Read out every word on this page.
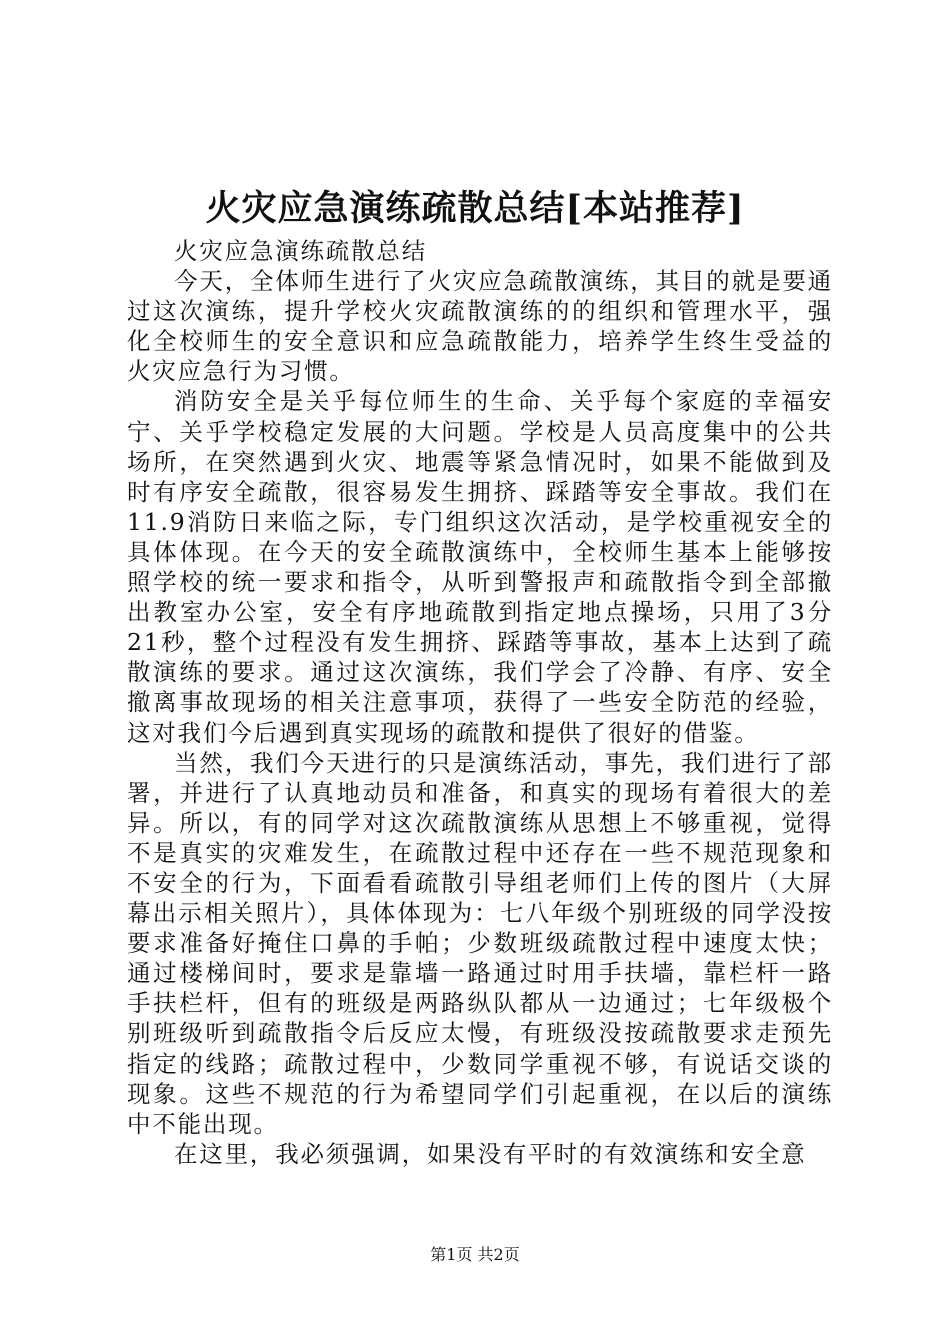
火灾应急演练疏散总结[本站推荐]

火灾应急演练疏散总结

今天，全体师生进行了火灾应急疏散演练，其目的就是要通过这次演练，提升学校火灾疏散演练的的组织和管理水平，强化全校师生的安全意识和应急疏散能力，培养学生终生受益的火灾应急行为习惯。

消防安全是关乎每位师生的生命、关乎每个家庭的幸福安宁、关乎学校稳定发展的大问题。学校是人员高度集中的公共场所，在突然遇到火灾、地震等紧急情况时，如果不能做到及时有序安全疏散，很容易发生拥挤、踩踏等安全事故。我们在11.9消防日来临之际，专门组织这次活动，是学校重视安全的具体体现。在今天的安全疏散演练中，全校师生基本上能够按照学校的统一要求和指令，从听到警报声和疏散指令到全部撤出教室办公室，安全有序地疏散到指定地点操场，只用了3分21秒，整个过程没有发生拥挤、踩踏等事故，基本上达到了疏散演练的要求。通过这次演练，我们学会了冷静、有序、安全撤离事故现场的相关注意事项，获得了一些安全防范的经验，这对我们今后遇到真实现场的疏散和提供了很好的借鉴。

当然，我们今天进行的只是演练活动，事先，我们进行了部署，并进行了认真地动员和准备，和真实的现场有着很大的差异。所以，有的同学对这次疏散演练从思想上不够重视，觉得不是真实的灾难发生，在疏散过程中还存在一些不规范现象和不安全的行为，下面看看疏散引导组老师们上传的图片（大屏幕出示相关照片），具体体现为：七八年级个别班级的同学没按要求准备好掩住口鼻的手帕；少数班级疏散过程中速度太快；通过楼梯间时，要求是靠墙一路通过时用手扶墙，靠栏杆一路手扶栏杆，但有的班级是两路纵队都从一边通过；七年级极个别班级听到疏散指令后反应太慢，有班级没按疏散要求走预先指定的线路；疏散过程中，少数同学重视不够，有说话交谈的现象。这些不规范的行为希望同学们引起重视，在以后的演练中不能出现。

在这里，我必须强调，如果没有平时的有效演练和安全意

第1页 共2页
